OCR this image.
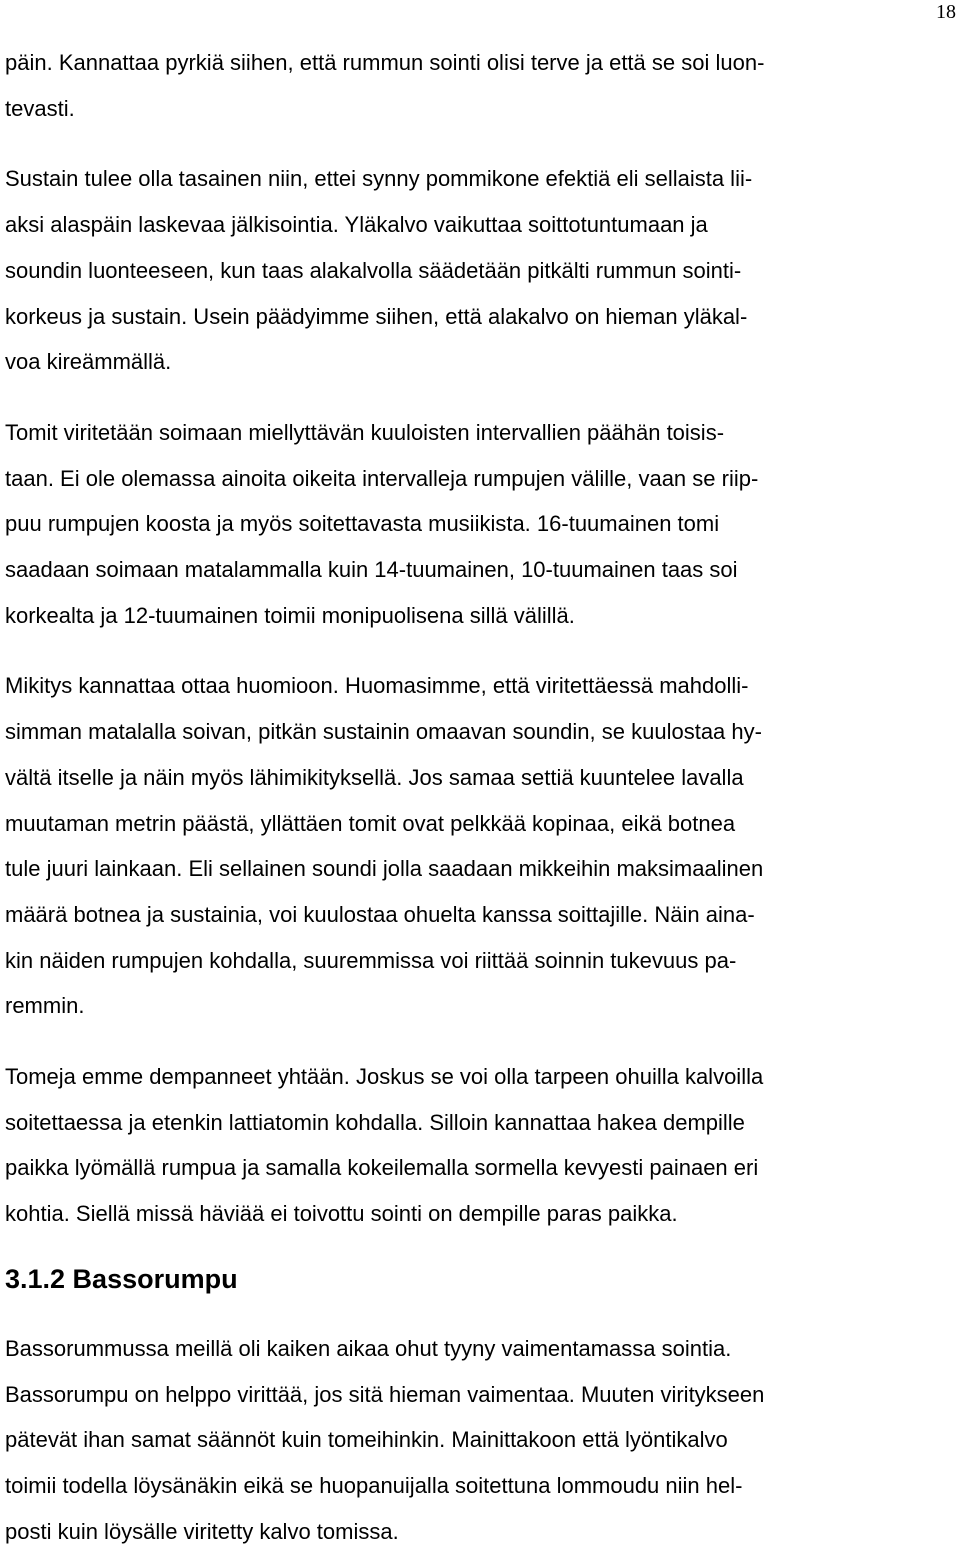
18

päin. Kannattaa pyrkiä siihen, että rummun sointi olisi terve ja että se soi luon-
tevasti.

Sustain tulee olla tasainen niin, ettei synny pommikone efektiä eli sellaista lii-
aksi alaspäin laskevaa jälkisointia. Yläkalvo vaikuttaa soittotuntumaan ja
soundin luonteeseen, kun taas alakalvolla säädetään pitkälti rummun sointi-
korkeus ja sustain. Usein päädyimme siihen, että alakalvo on hieman yläkal-
voa kireämmällä.

Tomit viritetään soimaan miellyttävän kuuloisten intervallien päähän toisis-
taan. Ei ole olemassa ainoita oikeita intervalleja rumpujen välille, vaan se riip-
puu rumpujen koosta ja myös soitettavasta musiikista. 16-tuumainen tomi
saadaan soimaan matalammalla kuin 14-tuumainen, 10-tuumainen taas soi
korkealta ja 12-tuumainen toimii monipuolisena sillä välillä.

Mikitys kannattaa ottaa huomioon. Huomasimme, että viritettäessä mahdolli-
simman matalalla soivan, pitkän sustainin omaavan soundin, se kuulostaa hy-
vältä itselle ja näin myös lähimikityksellä. Jos samaa settiä kuuntelee lavalla
muutaman metrin päästä, yllättäen tomit ovat pelkkää kopinaa, eikä botnea
tule juuri lainkaan. Eli sellainen soundi jolla saadaan mikkeihin maksimaalinen
määrä botnea ja sustainia, voi kuulostaa ohuelta kanssa soittajille. Näin aina-
kin näiden rumpujen kohdalla, suuremmissa voi riittää soinnin tukevuus pa-
remmin.

Tomeja emme dempanneet yhtään. Joskus se voi olla tarpeen ohuilla kalvoilla
soitettaessa ja etenkin lattiatomin kohdalla. Silloin kannattaa hakea dempille
paikka lyömällä rumpua ja samalla kokeilemalla sormella kevyesti painaen eri
kohtia. Siellä missä häviää ei toivottu sointi on dempille paras paikka.

3.1.2 Bassorumpu

Bassorummussa meillä oli kaiken aikaa ohut tyyny vaimentamassa sointia.
Bassorumpu on helppo virittää, jos sitä hieman vaimentaa. Muuten viritykseen
pätevät ihan samat säännöt kuin tomeihinkin. Mainittakoon että lyöntikalvo
toimii todella löysänäkin eikä se huopanuijalla soitettuna lommoudu niin hel-
posti kuin löysälle viritetty kalvo tomissa.
